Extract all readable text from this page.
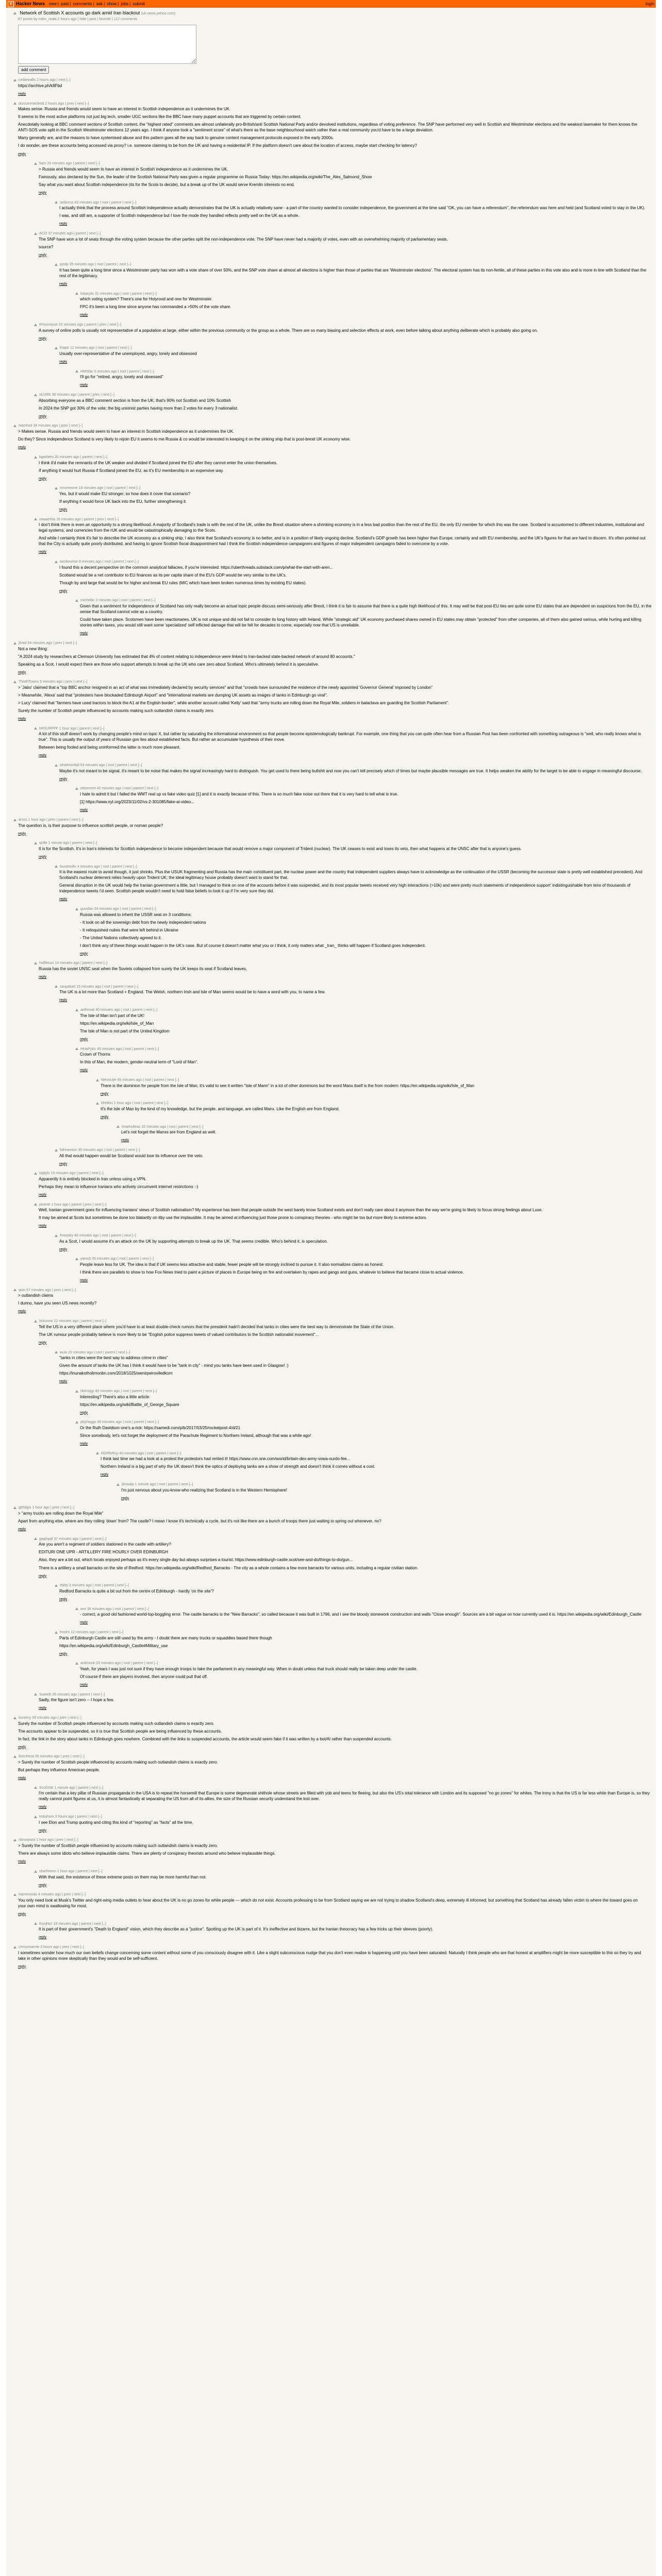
Y Hacker News new | past | comments | ask | show | jobs | submit	login
Network of Scottish X accounts go dark amid Iran blackout (uk.news.yahoo.com)
87 points by robin_reala 2 hours ago | hide | past | favorite | 112 comments
add comment
cedarwalls 2 hours ago | next [–]

https://archive.ph/k8Fbd

reply
duncanmacleod 2 hours ago | prev | next [–]

Makes sense. Russia and friends would seem to have an interest in Scottish independence as it undermines the UK.

It seems to the most active platforms not just big tech, smaller UGC sections like the BBC have many puppet accounts that are triggered by certain content.

Anecdotally looking at BBC comment sections of Scottish content, the "highest rated" comments are almost unilaterally pro-British/anti Scottish National Party and/or devolved institutions, regardless of voting preference. The SNP have performed very well in Scottish and Westminster elections and the weakest lawmaker for them knows the ANTI-SOS vote split in the Scottish Westminster elections 12 years ago. I think if anyone took a "sentiment score" of what's there as the base neighbourhood watch rather than a real community you'd have to be a large deviation.

Many generally are, and the reasons to have systemised abuse and this pattern goes all the way back to genuine content management protocols exposed in the early 2000s.

I do wonder, are these accounts being accessed via proxy? i.e. someone claiming to be from the UK and having a residential IP. If the platform doesn't care about the location of access, maybe start checking for latency?

reply
fiarn 20 minutes ago | parent | next [–]

> Russia and friends would seem to have an interest in Scottish independence as it undermines the UK.

Famously, also declared by the Sun, the leader of the Scottish National Party was given a regular programme on Russia Today: https://en.wikipedia.org/wiki/The_Alex_Salmond_Show

Say what you want about Scottish independence (its for the Scots to decide), but a break up of the UK would serve Kremlin interests no end.

reply
ianbcrnz 43 minutes ago | root | parent | next [–]

I actually think that the process around Scottish independence actually demonstrates that the UK is actually relatively sane - a part of the country wanted to consider independence, the government at the time said "OK, you can have a referendum", the referendum was here and held (and Scotland voted to stay in the UK).

I was, and still am, a supporter of Scottish independence but I love the mode they handled reflects pretty well on the UK as a whole.

reply
ACO 37 minutes ago | parent | next [–]

The SNP have won a lot of seats through the voting system because the other parties split the non-independence vote. The SNP have never had a majority of votes, even with an overwhelming majority of parliamentary seats.

source?

reply
pjmlp 35 minutes ago | root | parent | next [–]

It has been quite a long time since a Westminster party has won with a vote share of over 50%, and the SNP vote share at almost all elections is higher than those of parties that are 'Westminster elections'. The electoral system has its non-fertile, all of these parties in this vote also and is more in line with Scotland than the rest of the legitimacy.

reply
lokaryds 31 minutes ago | root | parent | next [–]

which voting system? There's one for Holyrood and one for Westminster.

FPC it's been a long time since anyone has commanded a >50% of the vote share.

reply
RHysnoyse 20 minutes ago | parent | prev | next [–]

A survey of online polls is usually not representative of a population at large, either within the previous community or the group as a whole. There are so many biasing and selection effects at work, even before talking about anything deliberate which is probably also going on.

reply
friaptr 12 minutes ago | root | parent | next [–]

Usually over-representative of the unemployed, angry, lonely and obsessed

reply
HMSfac 5 minutes ago | root | parent | next [–]

I'll go for "retired, angry, lonely and obsessed"

reply
sk1095 38 minutes ago | parent | prev | next [–]

Absorbing everyone as a BBC comment section is from the UK; that's 90% not Scottish and 10% Scottish

In 2024 the SNP got 30% of the vote; the big unionist parties having more than 2 votes for every 3 nationalist.

reply
Hamhod 34 minutes ago | prev | next [–]

> Makes sense. Russia and friends would seem to have an interest in Scottish independence as it undermines the UK.

Do they? Since independence Scotland is very likely to rejoin EU it seems to me Russia & co would be interested in keeping it on the sinking ship that is post-brexit UK economy wise.

reply
bgarbero 20 minutes ago | parent | next [–]

I think it'd make the remnants of the UK weaker and divided if Scotland joined the EU after they cannot enter the union themselves.

If anything it would hurt Russia if Scotland joined the EU, as it's EU membership in an expensive way.

reply
mrsmesme 18 minutes ago | root | parent | next [–]

Yes, but it would make EU stronger, so how does it cover that scenario?

If anything it would force UK back into the EU, further strengthening it.

reply
oeaaerhia 16 minutes ago | parent | prev | next [–]

I don't think there is even an opportunity to a strong likelihood. A majority of Scotland's trade is with the rest of the UK, unlike the Brexit situation where a shrinking economy is in a less bad position than the rest of the EU, the only EU member for which this was the case. Scotland is accustomed to different industries, institutional and legal systems, and currencies from the rUK and would be catastrophically damaging to the Scots.

And while I certainly think it's fair to describe the UK economy as a sinking ship, I also think that Scotland's economy is no better, and is in a position of likely ongoing decline. Scotland's GDP growth has been higher than Europe, certainly and with EU membership, and the UK's figures for that are hard to discern. It's often pointed out that the City is actually quite poorly distributed, and having to ignore Scottish fiscal disappointment had I think the Scottish independence campaigners and figures of major independent campaigns failed to overcome by a vote.

reply
tambourine 8 minutes ago | root | parent | next [–]

I found this a decent perspective on the common analytical fallacies, if you're interested: https://uberthreads.substack.com/p/what-the-start-with-aren...

Scotland would be a net contributor to EU finances as its per capita share of the EU's GDP would be very similar to the UK's.

Though by and large that would be for higher and break EU rules (MIC which have been broken numerous times by existing EU states).

reply
michelbc 2 minutes ago | root | parent | next [–]

Given that a sentiment for independence of Scotland has only really become an actual topic people discuss semi-seriously after Brexit, I think it is fair to assume that there is a quite high likelihood of this. It may well be that post-EU ties are quite some EU states that are dependent on suspicions from the EU, in the sense that Scotland cannot vote as a country.

Could have taken place. Scotsmen have been reactionaries. UK is not unique and did not fail to consider its long history with Ireland. While "strategic aid" UK economy purchased shares owned in EU states may obtain "protected" from other companies, all of them also gained various, while hurting and killing stories within taxes, you would still want some 'specialized' self inflicted damage that will be felt for decades to come, especially now that US is unreliable.

reply
jhrad 54 minutes ago | prev | next [–]

Not a new thing:

"A 2024 study by researchers at Clemson University has estimated that 4% of content relating to independence were linked to Iran-backed state-backed network of around 80 accounts."

Speaking as a Scot, I would expect there are those who support attempts to break up the UK who care zero about Scotland. Who's ultimately behind it is speculative.

reply
ThisElTowns 5 minutes ago | prev | next [–]

> 'Jabo' claimed that a "top BBC anchor resigned in an act of what was immediately declared by security services" and that "crowds have surrounded the residence of the newly appointed 'Governor General' imposed by London"

> Meanwhile, 'Alexa' said that "protesters have blockaded Edinburgh Airport" and "international markets are dumping UK assets as images of tanks in Edinburgh go viral".

> Lucy' claimed that "farmers have used tractors to block the A1 at the English border", while another account called 'Kelly' said that "army trucks are rolling down the Royal Mile, soldiers in balaclava are guarding the Scottish Parliament".

Surely the number of Scottish people influenced by accounts making such outlandish claims is exactly zero.

reply
hRSURFPF 1 hour ago | parent | next [–]

A lot of this stuff doesn't work by changing people's mind on topic X, but rather by saturating the informational environment so that people become epistemologically bankrupt. For example, one thing that you can quite often hear from a Russian Post has been confronted with something outrageous is "well, who really knows what is true". This is usually the output of years of Russian gov lies about established facts. But rather an accumulate hypothesis of their move.

Between being fooled and being uninformed the latter is much more pleasant.

reply
whitemorbid 53 minutes ago | root | parent | next [–]

Maybe it's not meant to be signal, it's meant to be noise that makes the signal increasingly hard to distinguish. You get used to there being bullshit and now you can't tell precisely which of times but maybe plausible messages are true. It helps weaken the ability for the target to be able to engage in meaningful discourse.

reply
ottomrent 42 minutes ago | root | parent | next [–]

I hate to admit it but I failed the WMT real up vs fake video quiz [1] and it is exactly because of this. There is so much fake noise out there that it is very hard to tell what is true.

[1] https://www.nyt.org/2023/11/02/vs-2-301085/fake-ai-video...

reply
arsss 1 hour ago | prev | parent | next [–]

The question is, is their purpose to influence scottish people, or noman people?

reply
qrdle 1 minute ago | parent | next [–]

It is for the Scottish. It's in Iran's interests for Scottish independence to become independent because that would remove a major component of Trident (nuclear). The UK ceases to exist and loses its veto, then what happens at the UNSC after that is anyone's guess.

reply
burotinsfix 4 minutes ago | root | parent | next [–]

It is the easiest route to avoid though, it just shrinks. Plus the USUK fragmenting and Russia has the main constituent part, the nuclear power and the country that independent suppliers always have to acknowledge as the continuation of the USSR (becoming the successor state is pretty well established precedent). And Scotland's nuclear deterrent relies heavily upon Trident UK; the ideal legitimacy house probably doesn't want to stand for that.

General disruption in the UK would help the Iranian government a little, but I managed to think on one of the accounts before it was suspended, and its most popular tweets received very high interactions (>10k) and were pretty much statements of independence support' indistinguishable from tens of thousands of independence tweets I'd seen. Scottish people wouldn't need to hold false beliefs to look it up if I'm very sure they did.

reply
guusfan 34 minutes ago | root | parent | next [–]

Russia was allowed to inherit the USSR seat on 3 conditions:

- It took on all the sovereign debt from the newly independent nations

- It relinquished nukes that were left behind in Ukraine

- The United Nations collectively agreed to it.

I don't think any of these things would happen in the UK's case. But of course it doesn't matter what you or I think, it only matters what _Iran_ thinks will happen if Scotland goes independent.

reply
hufflesuri 14 minutes ago | parent | next [–]

Russia has the soviet UNSC seat when the Soviets collapsed from surely the UK keeps its seat if Scotland leaves.

reply
saupakari 15 minutes ago | root | parent | next [–]

The UK is a lot more than Scotland + England. The Welsh, northern Irish and Isle of Man seems would be to have a word with you, to name a few.

reply
anthnoat 40 minutes ago | root | parent | next [–]

The Isle of Man isn't part of the UK!

https://en.wikipedia.org/wiki/Isle_of_Man

The Isle of Man is not part of the United Kingdom

reply
HHaPyAc 45 minutes ago | root | parent | next [–]

Crown of Thorns

In this of Man, the modern, gender-neutral term of "Lord of Man".

reply
WevnUjH 45 minutes ago | root | parent | next [–]

There is the dominion for people from the Isle of Man, it's valid to see it written "Isle of Mann" in a lot of other dominions but the word Manx itself is the from modern: https://en.wikipedia.org/wiki/Isle_of_Man

reply
bhetlon 1 hour ago | root | parent | next [–]

It's the Isle of Man by the kind of my knowledge, but the people, and language, are called Manx. Like the English are from England.

reply
tmarks4trac 32 minutes ago | root | parent | next [–]

Let's not forget the Manxs are from England as well.

reply
fwhisenton 35 minutes ago | root | parent | next [–]

All that would happen would be Scotland would lose its influence over the veto.

reply
oqdyln 15 minutes ago | parent | next [–]

Apparently it is entirely blocked in Iran unless using a VPN.

Perhaps they mean to influence Iranians who actively circumvent internet restrictions :-)

reply
pinentr 1 hour ago | parent | prev | next [–]

Well, Iranian government goes for influencing Iranians' views of Scottish nationalism? My experience has been that people outside the west barely know Scotland exists and don't really care about it anymore than the way we're going to likely to focus strong feelings about Luxe.

It may be aimed at Scots but sometimes be done too blatantly on itby use the implausible. It may be aimed at influencing just those prone to conspiracy theories - who might be too but more likely to extreme actors.

reply
fmoosky 46 minutes ago | root | parent | next [–]

As a Scot, I would assume it's an attack on the UK by supporting attempts to break up the UK. That seems credible. Who's behind it, is speculation.

reply
yanis5 35 minutes ago | root | parent | next [–]

People leave less for UK. The idea is that if UK seems less attractive and stable, fewer people will be strongly inclined to pursue it. It also normalizes claims as honest.

I think there are parallels to show to how Fox News tried to paint a picture of places in Europe being on fire and overtaken by rapes and gangs and guns, whatever to believe that became close to actual violence.

reply
quin 57 minutes ago | prev | next [–]

> outlandish claims

I dunno, have you seen US news recently?

reply
bckunne 22 minutes ago | parent | next [–]

Tell the US in a very different place where you'd have to at least double-check rumors that the president hadn't decided that tanks in cities were the best way to demonstrate the State of the Union.

The UK rumour people probably believe is more likely to be "English police suppress tweets of valued contributors to the Scottish nationalist movement"...

reply
wuin 22 minutes ago | root | parent | next [–]

"tanks in cities were the best way to address crime in cities"

Given the amount of tanks the UK has I think it would have to be "tank in city" - mind you tanks have been used in Glasgow! :)

https://inunakotholimonbn.com/2018/1025/wenirpeiroviledkorn

reply
hklrnvgp 40 minutes ago | root | parent | next [–]

Interesting? There's also a little article:

https://en.wikipedia.org/wiki/Battle_of_George_Square

reply
pbyhaggs 36 minutes ago | root | parent | next [–]

Or the Ruth Davidson one's a-rick: https://samedi.com/p/b/2017/03/25/rocketpost-4/d/21

Since somebody, let's not forget the deployment of the Parachute Regiment to Northern Ireland, although that was a while ago!

reply
RGRfxRuy 40 minutes ago | root | parent | next [–]

I think last time we had a look at a protest the protestors had rented it! https://www.cnn.sne.com/world/britain-dex-army-vowa-ourdo-fee...

Northern Ireland is a big part of why the UK doesn't think the optics of deploying tanks are a show of strength and doesn't think it comes without a cost.

reply
jbnwalp 1 minute ago | root | parent | next [–]

I'm just nervous about you-know-who realizing that Scotland is in the Western Hemisphere!

reply
gbhdgis 1 hour ago | prev | next [–]

> "army trucks are rolling down the Royal Mile"

Apart from anything else, where are they rolling 'down' from? The castle? I mean I know it's technically a cycle, but it's not like there are a bunch of troops there just waiting to spring out whenever, no?

reply
gwphpqf 37 minutes ago | parent | next [–]

Are you aren't a regiment of soldiers stationed in the castle with artillery?

EDITURI ONE UPR - ARTILLERY FIRE HOURLY OVER EDINBURGH

Also, they are a bit out, which locals enjoyed perhaps as it's every single day but always surprises a tourist: https://www.edinburgh-castle.scot/see-and-do/things-to-do/gun...

There is a artillery a small barracks on the site of Redford: https://en.wikipedia.org/wiki/Redford_Barracks - The city as a whole contains a few more barracks for various units, including a regular civilian station.

reply
ittiitty 3 minutes ago | root | parent | next [–]

Redford Barracks is quite a bit out from the centre of Edinburgh - hardly 'on the site'?

reply
wvr 38 minutes ago | root | parent | next [–]

- correct, a good old fashioned world-top-boggling error. The castle barracks is the "New Barracks", so called because it was built in 1796, and I see the bloody stonework construction and walls "Close enough". Sources are a bit vague on how currently used it is. https://en.wikipedia.org/wiki/Edinburgh_Castle

reply
fmnlrn 12 minutes ago | parent | next [–]

Parts of Edinburgh Castle are still used by the army - I doubt there are many trucks or squaddies based there though

https://en.wikipedia.org/wiki/Edinburgh_Castle#Military_use

reply
antlmonk 20 minutes ago | root | parent | next [–]

Yeah, for years I was just not sure if they have enough troops to take the parliament in any meaningful way. When in doubt unless that truck should really be taken deep under the castle.

Of course if there are players involved, then anyone could pull that off.

reply
Sweeth 26 minutes ago | parent | next [–]

Sadly, the figure isn't zero -- I hope a few.

reply
liunemy 59 minutes ago | prev | next [–]

Surely the number of Scottish people influenced by accounts making such outlandish claims is exactly zero.

The accounts appear to be suspended, so it is true that Scottish people are being influenced by these accounts.

In fact, the link in the story about tanks in Edinburgh goes nowhere. Combined with the links to suspended accounts, the article would seem fake if it was written by a bot/AI rather than suspended accounts.

reply
ikorcheva 55 minutes ago | prev | next [–]

> Surely the number of Scottish people influenced by accounts making such outlandish claims is exactly zero.

But perhaps they influence American people.

reply
ScoGIIdr 1 minute ago | parent | next [–]

I'm certain that a key pillar of Russian propaganda in the USA is to repeat the horsemill that Europe is some degenerate shithole whose streets are filled with yob and teens for fleeing, but also the US's total tolerance with London and its supposed "no go zones" for whites. The irony is that the US is far less white than Europe is, so they really cannot point figures at us, it is almost fantastically at separating the US from all of its allies, the size of the Russian security understand the lost over.

reply
tmbyhom 3 hours ago | parent | next [–]

I see Elon and Trump quoting and citing this kind of "reporting" as "facts" all the time.

reply
nbnorpwoi 1 hour ago | prev | next [–]

> Surely the number of Scottish people influenced by accounts making such outlandish claims is exactly zero.

There are always some idiots who believe implausible claims. There are plenty of conspiracy theorists around who believe implausible things.

reply
sharfmonn 1 hour ago | parent | next [–]

With that said, the existence of these extreme posts on them may be more harmful than not.

reply
Hammondo 4 minutes ago | prev | next [–]

You only need look at Musk's Twitter and right-wing media outlets to hear about the UK is no go zones for white people — which do not exist. Accounts professing to be from Scotland saying we are not trying to shadow Scotland's deep, extremely ill informed; but something that Scotland has already fallen victim to where the toward goes on your own mind is swallowing for most.

reply
Eunjhtcr 16 minutes ago | parent | next [–]

It is part of their government's "Death to England" vision, which they describe as a "justice". Spotting up the UK is part of it. It's ineffective and bizarre, but the Iranian theocracy has a few tricks up their sleeves (poorly).

reply
chrisomarnie 3 hours ago | prev | next [–]

I sometimes wonder how much our own beliefs change concerning some content without some of you consciously disagree with it. Like a slight subconscious nudge that you don't even realise is happening until you have been saturated. Naturally I think people who are that honest at amplifiers might be more susceptible to this so they try and take in other opinions more skeptically than they would and be self-sufficient.

reply
